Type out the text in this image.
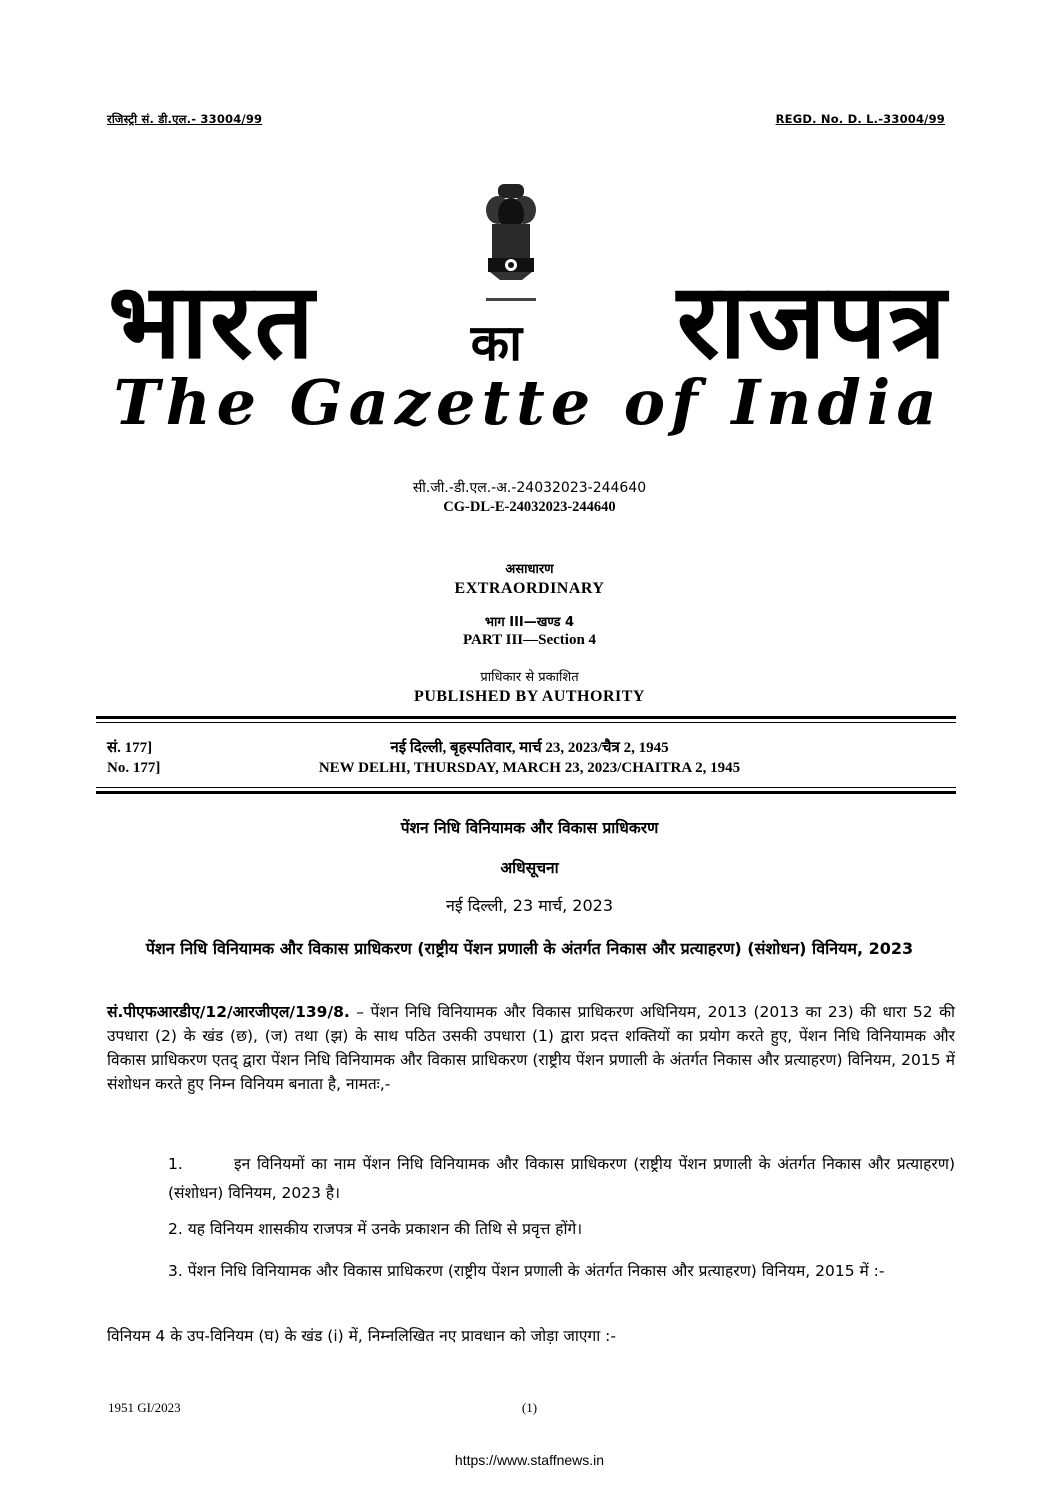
रजिस्ट्री सं. डी.एल.- 33004/99	REGD. No. D. L.-33004/99
भारत	का राजपत्र
The Gazette of India
सी.जी.-डी.एल.-अ.-24032023-244640
CG-DL-E-24032023-244640
असाधारण
EXTRAORDINARY
भाग III—खण्ड 4
PART III—Section 4
प्राधिकार से प्रकाशित
PUBLISHED BY AUTHORITY
सं. 177]	नई दिल्ली, बृहस्पतिवार, मार्च 23, 2023/चैत्र 2, 1945
No. 177]	NEW DELHI, THURSDAY, MARCH 23, 2023/CHAITRA 2, 1945
पेंशन निधि विनियामक और विकास प्राधिकरण
अधिसूचना
नई दिल्ली, 23 मार्च, 2023
पेंशन निधि विनियामक और विकास प्राधिकरण (राष्ट्रीय पेंशन प्रणाली के अंतर्गत निकास और प्रत्याहरण) (संशोधन) विनियम, 2023
सं.पीएफआरडीए/12/आरजीएल/139/8. – पेंशन निधि विनियामक और विकास प्राधिकरण अधिनियम, 2013 (2013 का 23) की धारा 52 की उपधारा (2) के खंड (छ), (ज) तथा (झ) के साथ पठित उसकी उपधारा (1) द्वारा प्रदत्त शक्तियों का प्रयोग करते हुए, पेंशन निधि विनियामक और विकास प्राधिकरण एतद् द्वारा पेंशन निधि विनियामक और विकास प्राधिकरण (राष्ट्रीय पेंशन प्रणाली के अंतर्गत निकास और प्रत्याहरण) विनियम, 2015 में संशोधन करते हुए निम्न विनियम बनाता है, नामतः,-
1.	इन विनियमों का नाम पेंशन निधि विनियामक और विकास प्राधिकरण (राष्ट्रीय पेंशन प्रणाली के अंतर्गत निकास और प्रत्याहरण) (संशोधन) विनियम, 2023 है।
2. यह विनियम शासकीय राजपत्र में उनके प्रकाशन की तिथि से प्रवृत्त होंगे।
3. पेंशन निधि विनियामक और विकास प्राधिकरण (राष्ट्रीय पेंशन प्रणाली के अंतर्गत निकास और प्रत्याहरण) विनियम, 2015 में :-
विनियम 4 के उप-विनियम (घ) के खंड (i) में, निम्नलिखित नए प्रावधान को जोड़ा जाएगा :-
1951 GI/2023	(1)
https://www.staffnews.in
